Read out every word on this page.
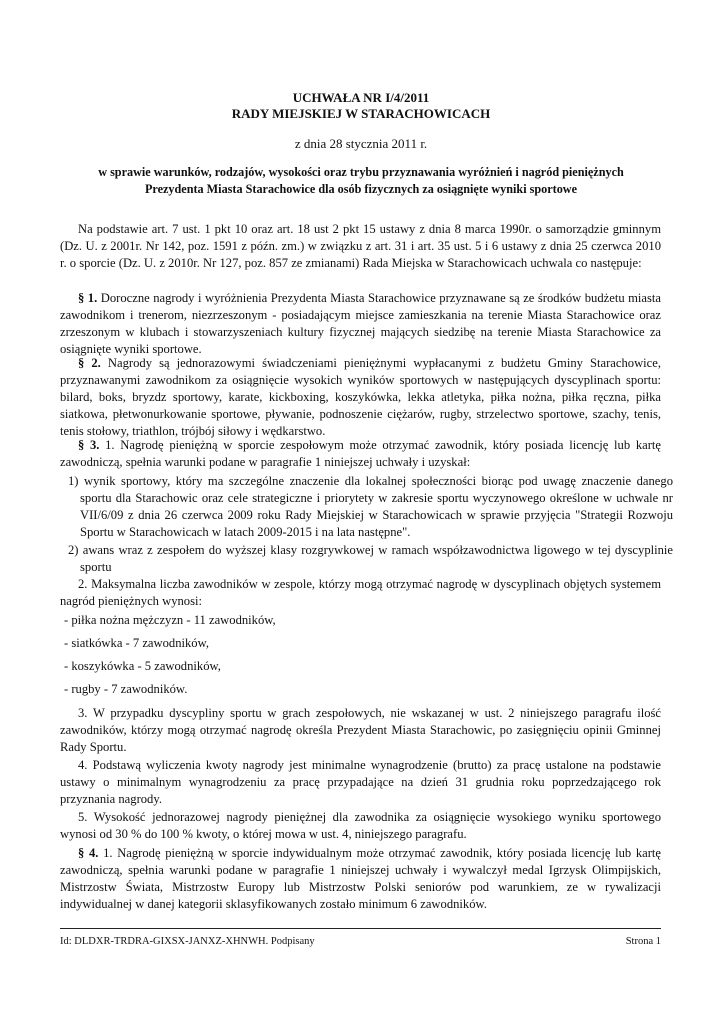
UCHWAŁA NR I/4/2011
RADY MIEJSKIEJ W STARACHOWICACH
z dnia 28 stycznia 2011 r.
w sprawie warunków, rodzajów, wysokości oraz trybu przyznawania wyróżnień i nagród pieniężnych
Prezydenta Miasta Starachowice dla osób fizycznych za osiągnięte wyniki sportowe

Na podstawie art. 7 ust. 1 pkt 10 oraz art. 18 ust 2 pkt 15 ustawy z dnia 8 marca 1990r. o samorządzie gminnym (Dz. U. z 2001r. Nr 142, poz. 1591 z późn. zm.) w związku z art. 31 i art. 35 ust. 5 i 6 ustawy z dnia 25 czerwca 2010 r. o sporcie (Dz. U. z 2010r. Nr 127, poz. 857 ze zmianami) Rada Miejska w Starachowicach uchwala co następuje:

§ 1. Doroczne nagrody i wyróżnienia Prezydenta Miasta Starachowice przyznawane są ze środków budżetu miasta zawodnikom i trenerom, niezrzeszonym - posiadającym miejsce zamieszkania na terenie Miasta Starachowice oraz zrzeszonym w klubach i stowarzyszeniach kultury fizycznej mających siedzibę na terenie Miasta Starachowice za osiągnięte wyniki sportowe.

§ 2. Nagrody są jednorazowymi świadczeniami pieniężnymi wypłacanymi z budżetu Gminy Starachowice, przyznawanymi zawodnikom za osiągnięcie wysokich wyników sportowych w następujących dyscyplinach sportu: bilard, boks, bryzdz sportowy, karate, kickboxing, koszykówka, lekka atletyka, piłka nożna, piłka ręczna, piłka siatkowa, płetwonurkowanie sportowe, pływanie, podnoszenie ciężarów, rugby, strzelectwo sportowe, szachy, tenis, tenis stołowy, triathlon, trójbój siłowy i wędkarstwo.

§ 3. 1. Nagrodę pieniężną w sporcie zespołowym może otrzymać zawodnik, który posiada licencję lub kartę zawodniczą, spełnia warunki podane w paragrafie 1 niniejszej uchwały i uzyskał:

1) wynik sportowy, który ma szczególne znaczenie dla lokalnej społeczności biorąc pod uwagę znaczenie danego sportu dla Starachowic oraz cele strategiczne i priorytety w zakresie sportu wyczynowego określone w uchwale nr VII/6/09 z dnia 26 czerwca 2009 roku Rady Miejskiej w Starachowicach w sprawie przyjęcia "Strategii Rozwoju Sportu w Starachowicach w latach 2009-2015 i na lata następne".

2) awans wraz z zespołem do wyższej klasy rozgrywkowej w ramach współzawodnictwa ligowego w tej dyscyplinie sportu

2. Maksymalna liczba zawodników w zespole, którzy mogą otrzymać nagrodę w dyscyplinach objętych systemem nagród pieniężnych wynosi:

- piłka nożna mężczyzn - 11 zawodników,

- siatkówka - 7 zawodników,

- koszykówka - 5 zawodników,

- rugby - 7 zawodników.

3. W przypadku dyscypliny sportu w grach zespołowych, nie wskazanej w ust. 2 niniejszego paragrafu ilość zawodników, którzy mogą otrzymać nagrodę określa Prezydent Miasta Starachowic, po zasięgnięciu opinii Gminnej Rady Sportu.

4. Podstawą wyliczenia kwoty nagrody jest minimalne wynagrodzenie (brutto) za pracę ustalone na podstawie ustawy o minimalnym wynagrodzeniu za pracę przypadające na dzień 31 grudnia roku poprzedzającego rok przyznania nagrody.

5. Wysokość jednorazowej nagrody pieniężnej dla zawodnika za osiągnięcie wysokiego wyniku sportowego wynosi od 30 % do 100 % kwoty, o której mowa w ust. 4, niniejszego paragrafu.

§ 4. 1. Nagrodę pieniężną w sporcie indywidualnym może otrzymać zawodnik, który posiada licencję lub kartę zawodniczą, spełnia warunki podane w paragrafie 1 niniejszej uchwały i wywalczył medal Igrzysk Olimpijskich, Mistrzostw Świata, Mistrzostw Europy lub Mistrzostw Polski seniorów pod warunkiem, ze w rywalizacji indywidualnej w danej kategorii sklasyfikowanych zostało minimum 6 zawodników.

Id: DLDXR-TRDRA-GIXSX-JANXZ-XHNWH. Podpisany	Strona 1
